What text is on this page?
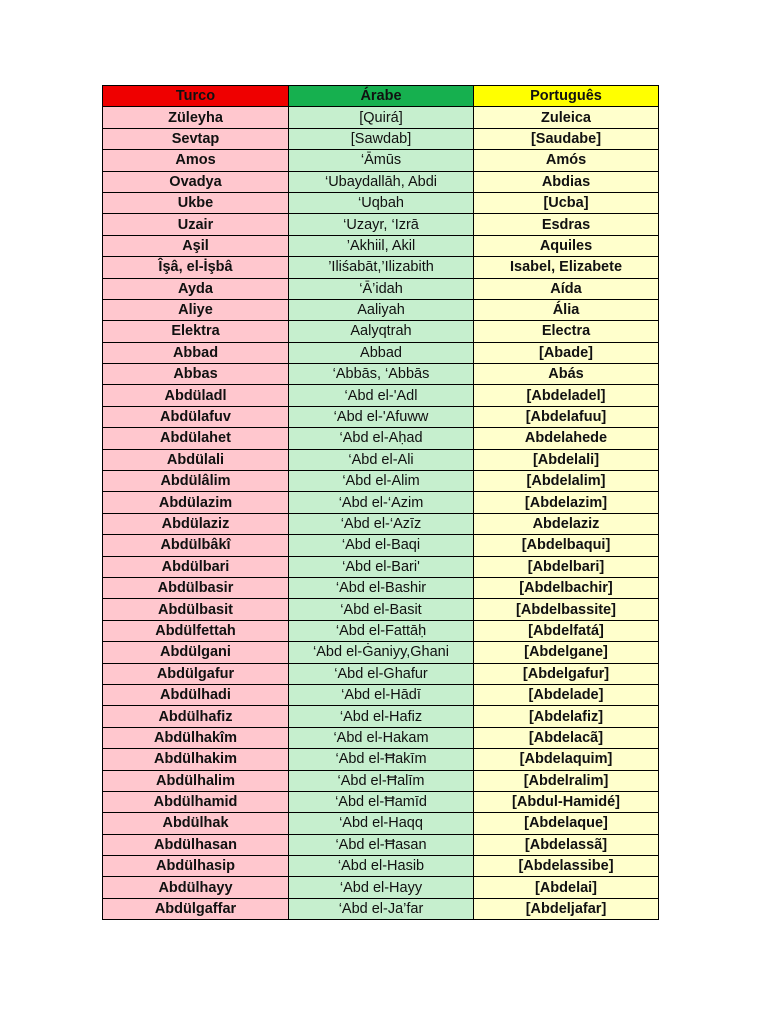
Turco	Árabe	Português
Züleyha	[Quirá]	Zuleica
Sevtap	[Sawdab]	[Saudabe]
Amos	‘Āmūs	Amós
Ovadya	‘Ubaydallāh, Abdi	Abdias
Ukbe	‘Uqbah	[Ucba]
Uzair	‘Uzayr, ‘Izrā	Esdras
Aşil	’Akhiil, Akil	Aquiles
Îşâ, el-İşbâ	’Iliśabāt,’Ilizabith	Isabel, Elizabete
Ayda	‘Ā’idah	Aída
Aliye	Aaliyah	Ália
Elektra	Aalyqtrah	Electra
Abbad	Abbad	[Abade]
Abbas	‘Abbās, ‘Abbās	Abás
Abdüladl	‘Abd el-'Adl	[Abdeladel]
Abdülafuv	‘Abd el-'Afuww	[Abdelafuu]
Abdülahet	‘Abd el-Aḥad	Abdelahede
Abdülali	‘Abd el-Ali	[Abdelali]
Abdülâlim	‘Abd el-Alim	[Abdelalim]
Abdülazim	‘Abd el-‘Azim	[Abdelazim]
Abdülaziz	‘Abd el-‘Azīz	Abdelaziz
Abdülbâkî	‘Abd el-Baqi	[Abdelbaqui]
Abdülbari	‘Abd el-Bari'	[Abdelbari]
Abdülbasir	‘Abd el-Bashir	[Abdelbachir]
Abdülbasit	‘Abd el-Basit	[Abdelbassite]
Abdülfettah	‘Abd el-Fattāḥ	[Abdelfatá]
Abdülgani	‘Abd el-Ġaniyy,Ghani	[Abdelgane]
Abdülgafur	‘Abd el-Ghafur	[Abdelgafur]
Abdülhadi	‘Abd el-Hādī	[Abdelade]
Abdülhafiz	‘Abd el-Hafiz	[Abdelafiz]
Abdülhakîm	‘Abd el-Hakam	[Abdelacã]
Abdülhakim	‘Abd el-Ħakīm	[Abdelaquim]
Abdülhalim	‘Abd el-Ħalīm	[Abdelralim]
Abdülhamid	‘Abd el-Ħamīd	[Abdul-Hamidé]
Abdülhak	‘Abd el-Haqq	[Abdelaque]
Abdülhasan	‘Abd el-Ħasan	[Abdelassã]
Abdülhasip	‘Abd el-Hasib	[Abdelassibe]
Abdülhayy	‘Abd el-Hayy	[Abdelai]
Abdülgaffar	‘Abd el-Ja’far	[Abdeljafar]
